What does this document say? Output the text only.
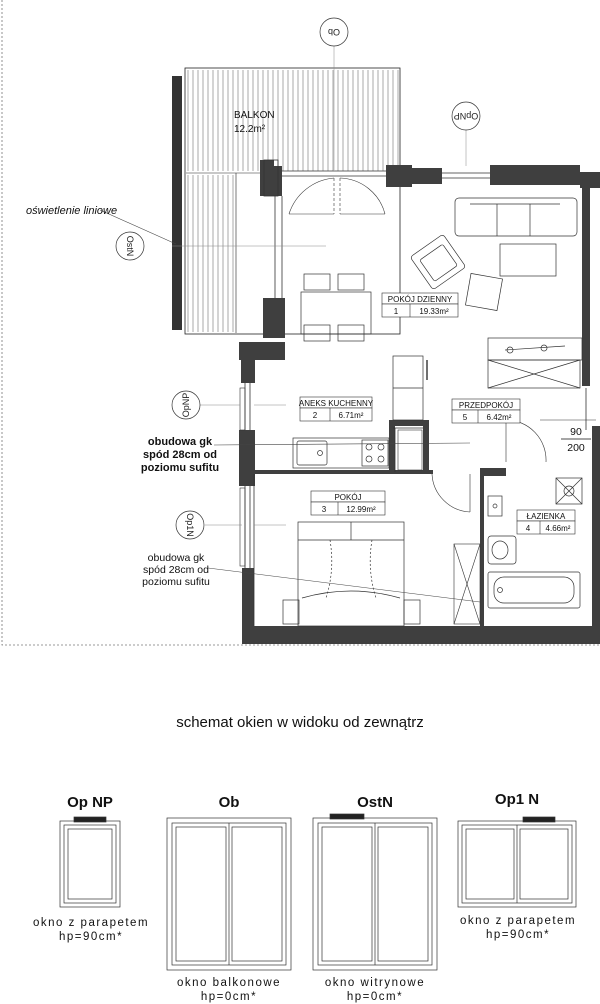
Ob
OpNP
OstN
OpNP
Op1N
POKÓJ DZIENNY
1	19.33m²
ANEKS KUCHENNY
2	6.71m²
PRZEDPOKÓJ
5 6.42m²
POKÓJ
3	12.99m²
ŁAZIENKA
4 4.66m²
BALKON
12.2m²
90
200
oświetlenie liniowe
obudowa gk
spód 28cm od
poziomu sufitu
obudowa gk
spód 28cm od
poziomu sufitu
schemat okien w widoku od zewnątrz
Op NP	Ob	OstN	Op1 N
okno z parapetem
hp=90cm*
okno balkonowe
hp=0cm*
okno witrynowe
hp=0cm*
okno z parapetem
hp=90cm*
